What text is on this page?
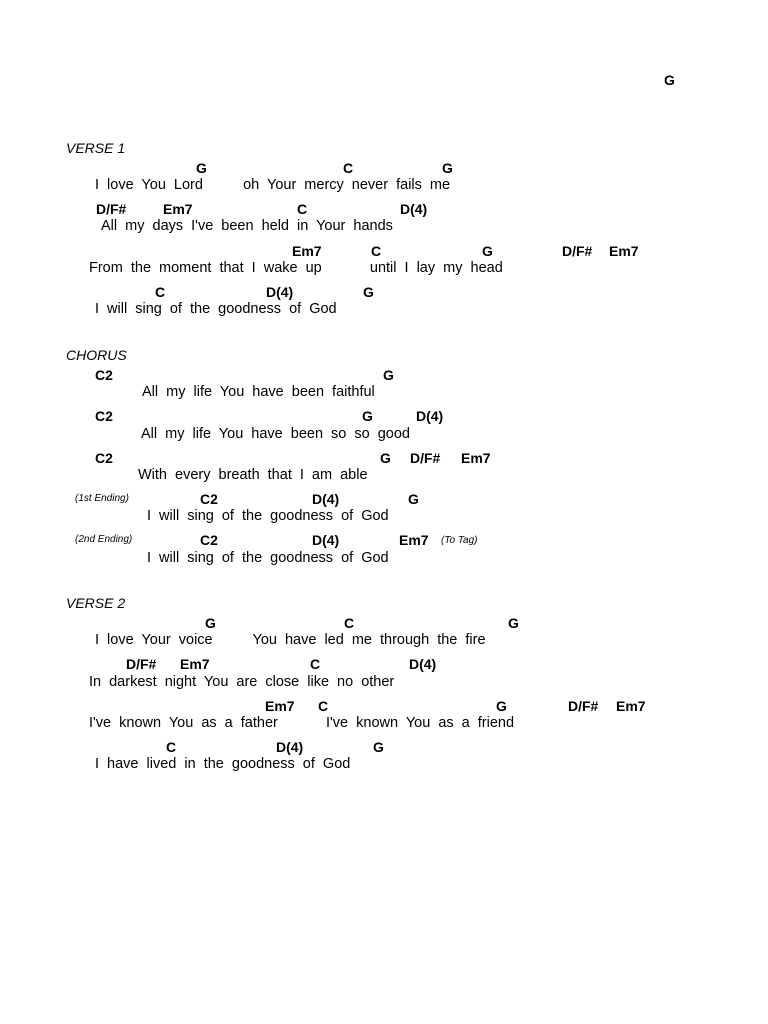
G
VERSE 1
G	C	G
I love You Lord     oh Your mercy never fails me
D/F#	Em7	C	D(4)
All my days I've been held in Your hands
Em7	C	G	D/F# Em7
From the moment that I wake up      until I lay my head
C	D(4)	G
I will sing of the goodness of God
CHORUS
C2	G
All my life You have been faithful
C2	G	D(4)
All my life You have been so so good
C2	G D/F# Em7
With every breath that I am able
(1st Ending)	C2	D(4)	G
I will sing of the goodness of God
(2nd Ending)	C2	D(4)	Em7 (To Tag)
I will sing of the goodness of God
VERSE 2
G	C	G
I love Your voice     You have led me through the fire
D/F# Em7	C	D(4)
In darkest night You are close like no other
Em7 C	G	D/F# Em7
I've known You as a father      I've known You as a friend
C	D(4)	G
I have lived in the goodness of God
